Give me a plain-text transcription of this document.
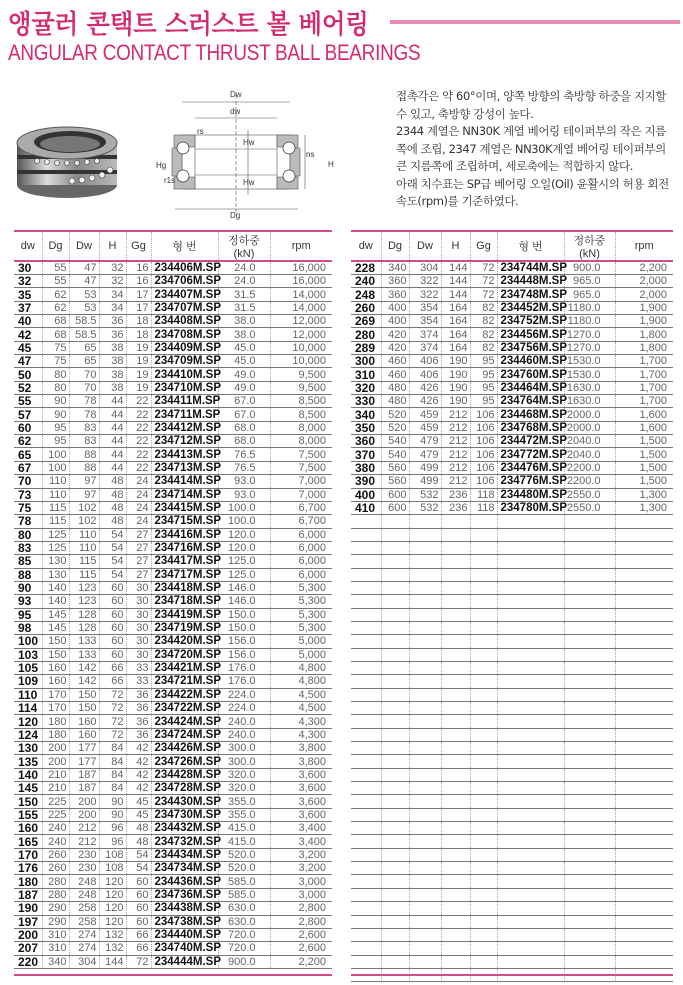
앵귤러 콘택트 스러스트 볼 베어링
ANGULAR CONTACT THRUST BALL BEARINGS
Dw
dw
rs
Hw
Hw
Hg
r1s
ns
H
Dg

접촉각은 약 60°이며, 양쪽 방향의 축방향 하중을 지지할수 있고, 축방향 강성이 높다.

2344 계열은 NN30K 계열 베어링 테이퍼부의 작은 지름쪽에 조립, 2347 계열은 NN30K계열 베어링 테이퍼부의 큰 지름쪽에 조립하며, 세로축에는 적합하지 않다.

아래 치수표는 SP급 베어링 오일(Oil) 윤활시의 허용 회전속도(rpm)를 기준하였다.

dw	Dg	Dw	H	Gg	형 번	정하중(kN)	rpm
30	55	47	32	16	234406M.SP	24.0	16,000
32	55	47	32	16	234706M.SP	24.0	16,000
35	62	53	34	17	234407M.SP	31.5	14,000
37	62	53	34	17	234707M.SP	31.5	14,000
40	68	58.5	36	18	234408M.SP	38.0	12,000
42	68	58.5	36	18	234708M.SP	38.0	12,000
45	75	65	38	19	234409M.SP	45.0	10,000
47	75	65	38	19	234709M.SP	45.0	10,000
50	80	70	38	19	234410M.SP	49.0	9,500
52	80	70	38	19	234710M.SP	49.0	9,500
55	90	78	44	22	234411M.SP	67.0	8,500
57	90	78	44	22	234711M.SP	67.0	8,500
60	95	83	44	22	234412M.SP	68.0	8,000
62	95	83	44	22	234712M.SP	68.0	8,000
65	100	88	44	22	234413M.SP	76.5	7,500
67	100	88	44	22	234713M.SP	76.5	7,500
70	110	97	48	24	234414M.SP	93.0	7,000
73	110	97	48	24	234714M.SP	93.0	7,000
75	115	102	48	24	234415M.SP	100.0	6,700
78	115	102	48	24	234715M.SP	100.0	6,700
80	125	110	54	27	234416M.SP	120.0	6,000
83	125	110	54	27	234716M.SP	120.0	6,000
85	130	115	54	27	234417M.SP	125.0	6,000
88	130	115	54	27	234717M.SP	125.0	6,000
90	140	123	60	30	234418M.SP	146.0	5,300
93	140	123	60	30	234718M.SP	146.0	5,300
95	145	128	60	30	234419M.SP	150.0	5,300
98	145	128	60	30	234719M.SP	150.0	5,300
100	150	133	60	30	234420M.SP	156.0	5,000
103	150	133	60	30	234720M.SP	156.0	5,000
105	160	142	66	33	234421M.SP	176.0	4,800
109	160	142	66	33	234721M.SP	176.0	4,800
110	170	150	72	36	234422M.SP	224.0	4,500
114	170	150	72	36	234722M.SP	224.0	4,500
120	180	160	72	36	234424M.SP	240.0	4,300
124	180	160	72	36	234724M.SP	240.0	4,300
130	200	177	84	42	234426M.SP	300.0	3,800
135	200	177	84	42	234726M.SP	300.0	3,800
140	210	187	84	42	234428M.SP	320.0	3,600
145	210	187	84	42	234728M.SP	320.0	3,600
150	225	200	90	45	234430M.SP	355.0	3,600
155	225	200	90	45	234730M.SP	355.0	3,600
160	240	212	96	48	234432M.SP	415.0	3,400
165	240	212	96	48	234732M.SP	415.0	3,400
170	260	230	108	54	234434M.SP	520.0	3,200
176	260	230	108	54	234734M.SP	520.0	3,200
180	280	248	120	60	234436M.SP	585.0	3,000
187	280	248	120	60	234736M.SP	585.0	3,000
190	290	258	120	60	234438M.SP	630.0	2,800
197	290	258	120	60	234738M.SP	630.0	2,800
200	310	274	132	66	234440M.SP	720.0	2,600
207	310	274	132	66	234740M.SP	720.0	2,600
220	340	304	144	72	234444M.SP	900.0	2,200
dw	Dg	Dw	H	Gg	형 번	정하중(kN)	rpm
228	340	304	144	72	234744M.SP	900.0	2,200
240	360	322	144	72	234448M.SP	965.0	2,000
248	360	322	144	72	234748M.SP	965.0	2,000
260	400	354	164	82	234452M.SP	1180.0	1,900
269	400	354	164	82	234752M.SP	1180.0	1,900
280	420	374	164	82	234456M.SP	1270.0	1,800
289	420	374	164	82	234756M.SP	1270.0	1,800
300	460	406	190	95	234460M.SP	1530.0	1,700
310	460	406	190	95	234760M.SP	1530.0	1,700
320	480	426	190	95	234464M.SP	1630.0	1,700
330	480	426	190	95	234764M.SP	1630.0	1,700
340	520	459	212	106	234468M.SP	2000.0	1,600
350	520	459	212	106	234768M.SP	2000.0	1,600
360	540	479	212	106	234472M.SP	2040.0	1,500
370	540	479	212	106	234772M.SP	2040.0	1,500
380	560	499	212	106	234476M.SP	2200.0	1,500
390	560	499	212	106	234776M.SP	2200.0	1,500
400	600	532	236	118	234480M.SP	2550.0	1,300
410	600	532	236	118	234780M.SP	2550.0	1,300
